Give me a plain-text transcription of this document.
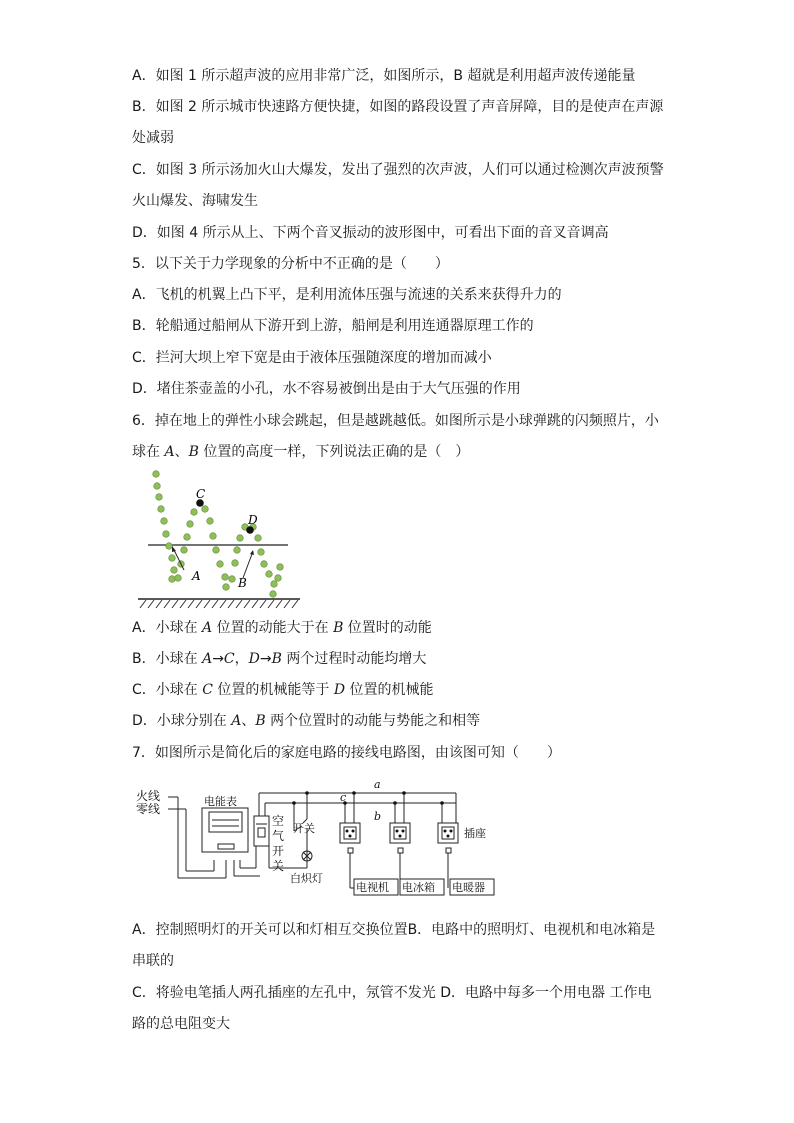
A．如图 1 所示超声波的应用非常广泛，如图所示，B 超就是利用超声波传递能量
B．如图 2 所示城市快速路方便快捷，如图的路段设置了声音屏障，目的是使声在声源
处减弱
C．如图 3 所示汤加火山大爆发，发出了强烈的次声波，人们可以通过检测次声波预警
火山爆发、海啸发生
D．如图 4 所示从上、下两个音叉振动的波形图中，可看出下面的音叉音调高
5．以下关于力学现象的分析中不正确的是（　　）
A．飞机的机翼上凸下平，是利用流体压强与流速的关系来获得升力的
B．轮船通过船闸从下游开到上游，船闸是利用连通器原理工作的
C．拦河大坝上窄下宽是由于液体压强随深度的增加而减小
D．堵住茶壶盖的小孔，水不容易被倒出是由于大气压强的作用
6．掉在地上的弹性小球会跳起，但是越跳越低。如图所示是小球弹跳的闪频照片，小
球在 A、B 位置的高度一样，下列说法正确的是（　）
C
D
A	B
A．小球在 A 位置的动能大于在 B 位置时的动能
B．小球在 A→C，D→B 两个过程时动能均增大
C．小球在 C 位置的机械能等于 D 位置的机械能
D．小球分别在 A、B 两个位置时的动能与势能之和相等
7．如图所示是简化后的家庭电路的接线电路图，由该图可知（　　）
火线
零线
电能表
空
气
开
关
开关
白炽灯
插座
电视机 电冰箱 电暖器
a
b
c
A．控制照明灯的开关可以和灯相互交换位置B．电路中的照明灯、电视机和电冰箱是
串联的
C．将验电笔插人两孔插座的左孔中，氖管不发光 D．电路中每多一个用电器 工作电
路的总电阻变大
